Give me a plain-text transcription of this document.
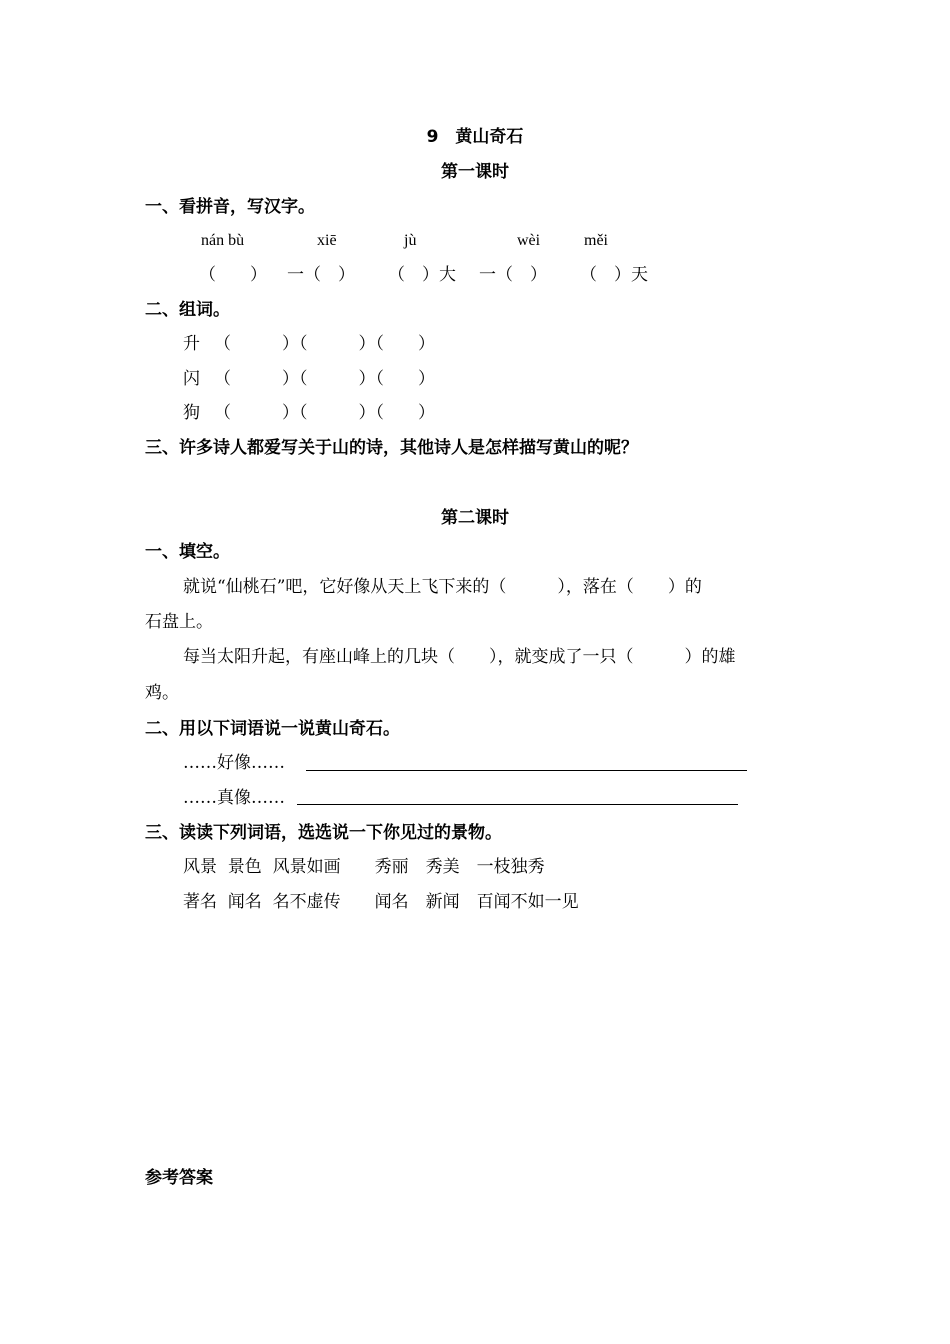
9　黄山奇石
第一课时
一、看拼音，写汉字。
nán bù	xiē	jù	wèi	měi
（　　） 一（　） （　）大 一（　） （　）天
二、组词。
升 （　　　）（　　　）（　　）
闪 （　　　）（　　　）（　　）
狗 （　　　）（　　　）（　　）
三、许多诗人都爱写关于山的诗，其他诗人是怎样描写黄山的呢？
第二课时
一、填空。
就说“仙桃石”吧，它好像从天上飞下来的（　　　），落在（　　）的
石盘上。
每当太阳升起，有座山峰上的几块（　　），就变成了一只（　　　）的雄
鸡。
二、用以下词语说一说黄山奇石。
……好像……
……真像……
三、读读下列词语，选选说一下你见过的景物。
风景  景色  风景如画　　秀丽　秀美　一枝独秀
著名  闻名  名不虚传　　闻名　新闻　百闻不如一见
参考答案
